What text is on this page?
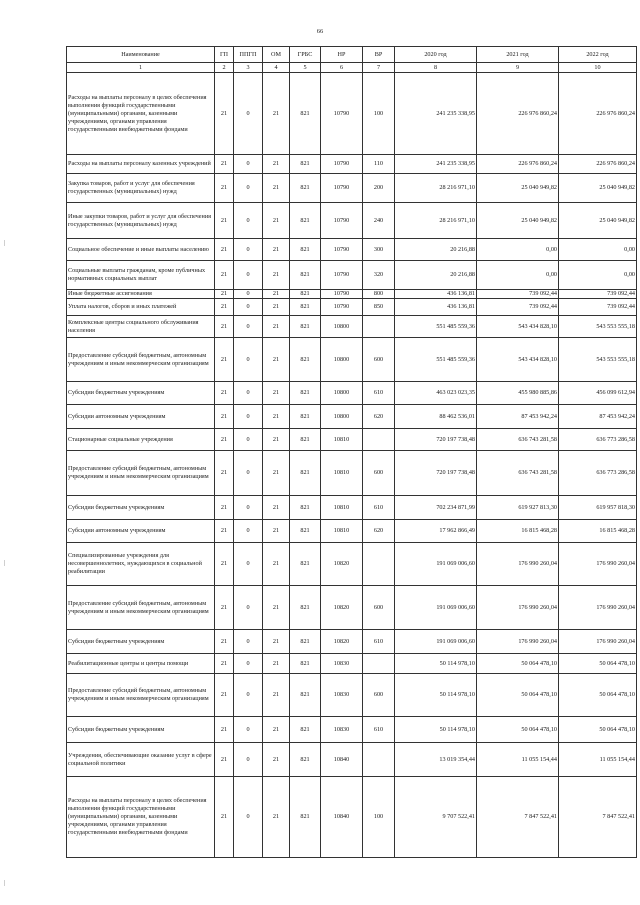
66
Наименование	ГП	ППГП	ОМ	ГРБС	НР	ВР	2020 год	2021 год	2022 год
1	2	3	4	5	6	7	8	9	10
Расходы на выплаты персоналу в целях обеспечения выполнения функций государственными (муниципальными) органами, казенными учреждениями, органами управления государственными внебюджетными фондами	21	0	21	821	10790	100	241 235 338,95	226 976 860,24	226 976 860,24
Расходы на выплаты персоналу казенных учреждений	21	0	21	821	10790	110	241 235 338,95	226 976 860,24	226 976 860,24
Закупка товаров, работ и услуг для обеспечения государственных (муниципальных) нужд	21	0	21	821	10790	200	28 216 971,10	25 040 949,82	25 040 949,82
Иные закупки товаров, работ и услуг для обеспечения государственных (муниципальных) нужд	21	0	21	821	10790	240	28 216 971,10	25 040 949,82	25 040 949,82
Социальное обеспечение и иные выплаты населению	21	0	21	821	10790	300	20 216,88	0,00	0,00
Социальные выплаты гражданам, кроме публичных нормативных социальных выплат	21	0	21	821	10790	320	20 216,88	0,00	0,00
Иные бюджетные ассигнования	21	0	21	821	10790	800	436 136,81	739 092,44	739 092,44
Уплата налогов, сборов и иных платежей	21	0	21	821	10790	850	436 136,81	739 092,44	739 092,44
Комплексные центры социального обслуживания населения	21	0	21	821	10800		551 485 559,36	543 434 828,10	543 553 555,18
Предоставление субсидий бюджетным, автономным учреждениям и иным некоммерческим организациям	21	0	21	821	10800	600	551 485 559,36	543 434 828,10	543 553 555,18
Субсидии бюджетным учреждениям	21	0	21	821	10800	610	463 023 023,35	455 980 885,86	456 099 612,94
Субсидии автономным учреждениям	21	0	21	821	10800	620	88 462 536,01	87 453 942,24	87 453 942,24
Стационарные социальные учреждения	21	0	21	821	10810		720 197 738,48	636 743 281,58	636 773 286,58
Предоставление субсидий бюджетным, автономным учреждениям и иным некоммерческим организациям	21	0	21	821	10810	600	720 197 738,48	636 743 281,58	636 773 286,58
Субсидии бюджетным учреждениям	21	0	21	821	10810	610	702 234 871,99	619 927 813,30	619 957 818,30
Субсидии автономным учреждениям	21	0	21	821	10810	620	17 962 866,49	16 815 468,28	16 815 468,28
Специализированные учреждения для несовершеннолетних, нуждающихся в социальной реабилитации	21	0	21	821	10820		191 069 006,60	176 990 260,04	176 990 260,04
Предоставление субсидий бюджетным, автономным учреждениям и иным некоммерческим организациям	21	0	21	821	10820	600	191 069 006,60	176 990 260,04	176 990 260,04
Субсидии бюджетным учреждениям	21	0	21	821	10820	610	191 069 006,60	176 990 260,04	176 990 260,04
Реабилитационные центры и центры помощи	21	0	21	821	10830		50 114 978,10	50 064 478,10	50 064 478,10
Предоставление субсидий бюджетным, автономным учреждениям и иным некоммерческим организациям	21	0	21	821	10830	600	50 114 978,10	50 064 478,10	50 064 478,10
Субсидии бюджетным учреждениям	21	0	21	821	10830	610	50 114 978,10	50 064 478,10	50 064 478,10
Учреждения, обеспечивающие оказание услуг в сфере социальной политики	21	0	21	821	10840		13 019 354,44	11 055 154,44	11 055 154,44
Расходы на выплаты персоналу в целях обеспечения выполнения функций государственными (муниципальными) органами, казенными учреждениями, органами управления государственными внебюджетными фондами	21	0	21	821	10840	100	9 707 522,41	7 847 522,41	7 847 522,41
